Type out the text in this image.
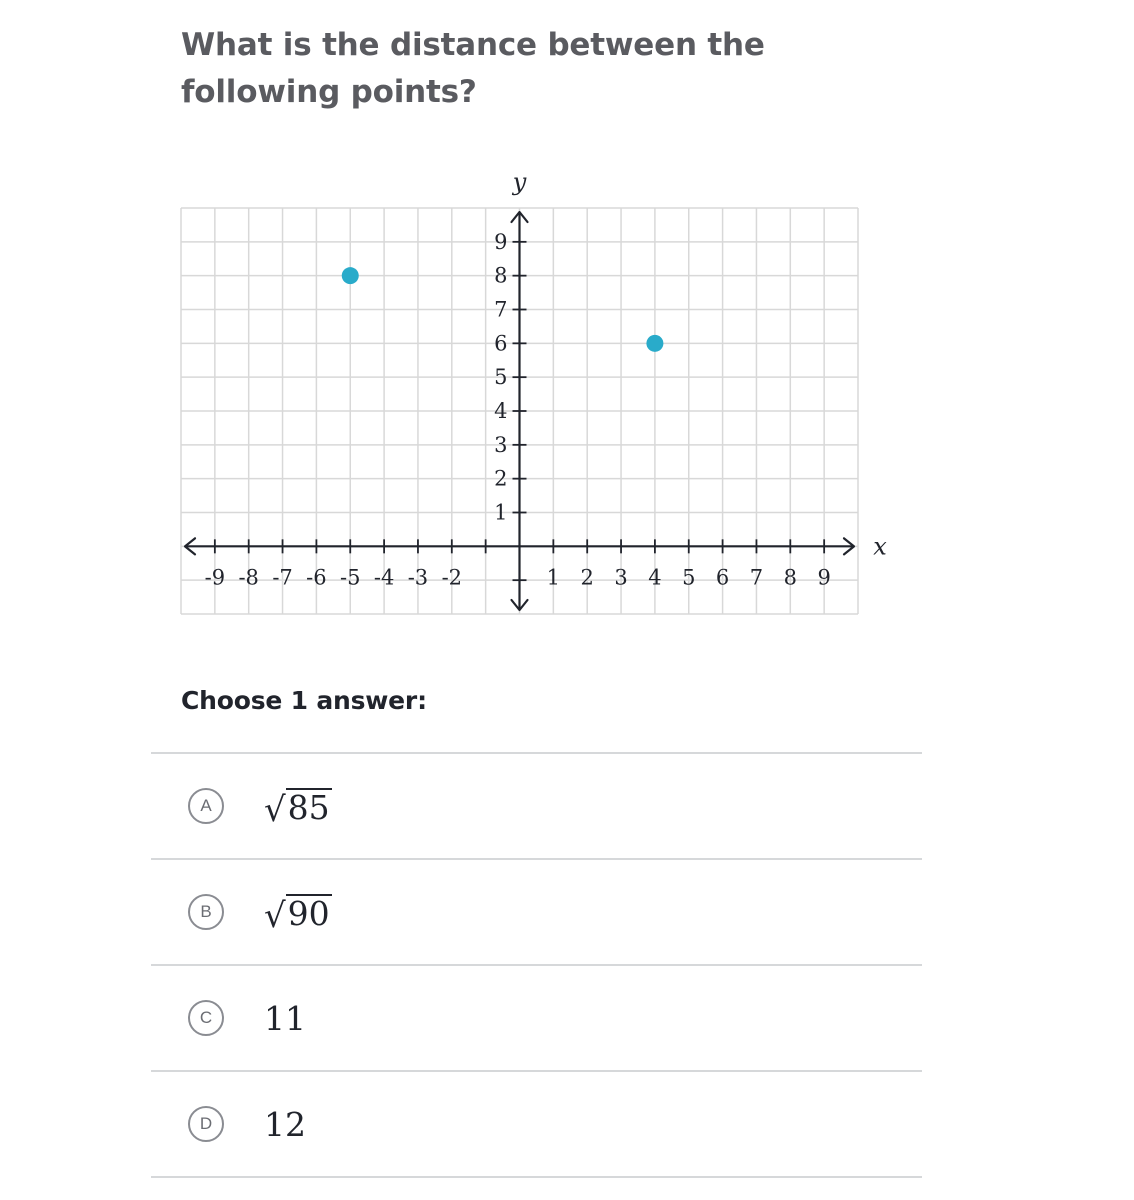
What is the distance between the following points?
-9 -8 -7 -6 -5 -4 -3 -2	1 2 3 4 5 6 7 8 9
1
2
3
4
5
6
7
8
9
x
y

Choose 1 answer:

A	√ 85
B	√ 90
C	11
D	12
